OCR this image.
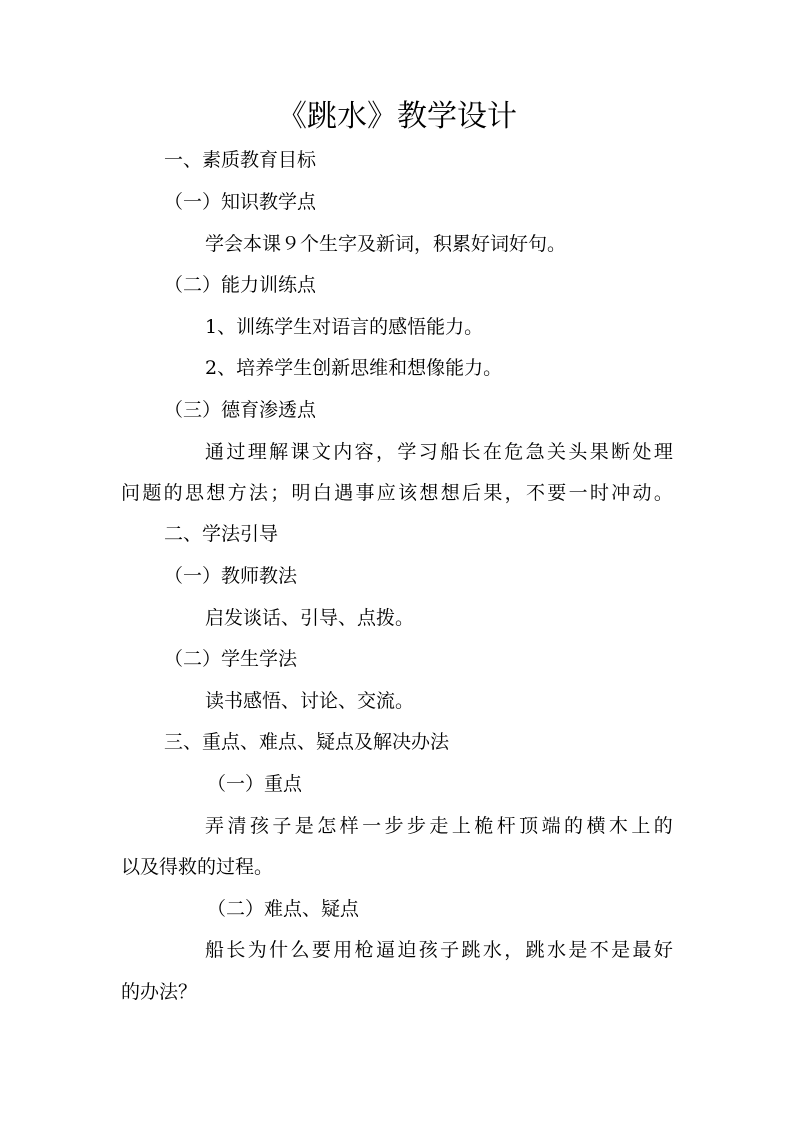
《跳水》教学设计
一、素质教育目标
（一）知识教学点
学会本课９个生字及新词，积累好词好句。
（二）能力训练点
1、训练学生对语言的感悟能力。
2、培养学生创新思维和想像能力。
（三）德育渗透点
通 过 理 解 课 文 内 容 ， 学 习 船 长 在 危 急 关 头 果 断 处 理
问 题 的 思 想 方 法 ； 明 白 遇 事 应 该 想 想 后 果 ， 不 要 一 时 冲 动 。
二、学法引导
（一）教师教法
启发谈话、引导、点拨。
（二）学生学法
读书感悟、讨论、交流。
三、重点、难点、疑点及解决办法
（一）重点
弄 清 孩 子 是 怎 样 一 步 步 走 上 桅 杆 顶 端 的 横 木 上 的
以及得救的过程。
（二）难点、疑点
船 长 为 什 么 要 用 枪 逼 迫 孩 子 跳 水 ， 跳 水 是 不 是 最 好
的办法？
